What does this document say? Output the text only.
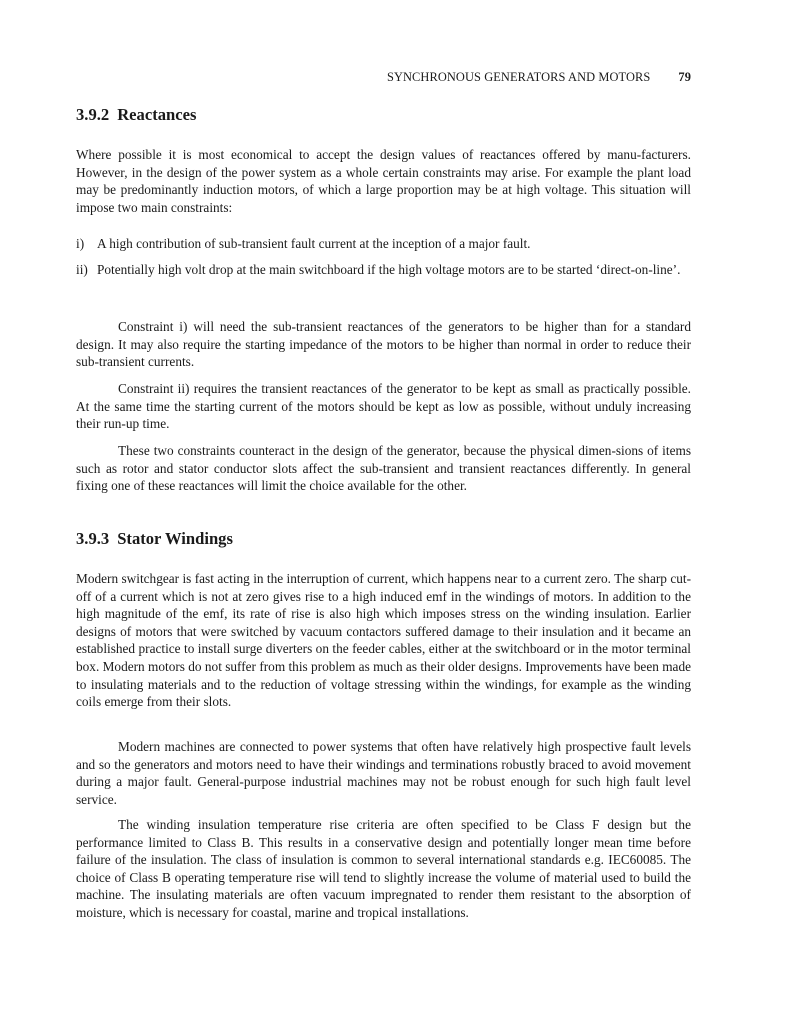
SYNCHRONOUS GENERATORS AND MOTORS 79
3.9.2 Reactances

Where possible it is most economical to accept the design values of reactances offered by manu-facturers. However, in the design of the power system as a whole certain constraints may arise. For example the plant load may be predominantly induction motors, of which a large proportion may be at high voltage. This situation will impose two main constraints:

i) A high contribution of sub-transient fault current at the inception of a major fault.
ii) Potentially high volt drop at the main switchboard if the high voltage motors are to be started ‘direct-on-line’.

Constraint i) will need the sub-transient reactances of the generators to be higher than for a standard design. It may also require the starting impedance of the motors to be higher than normal in order to reduce their sub-transient currents.

Constraint ii) requires the transient reactances of the generator to be kept as small as practically possible. At the same time the starting current of the motors should be kept as low as possible, without unduly increasing their run-up time.

These two constraints counteract in the design of the generator, because the physical dimen-sions of items such as rotor and stator conductor slots affect the sub-transient and transient reactances differently. In general fixing one of these reactances will limit the choice available for the other.

3.9.3 Stator Windings

Modern switchgear is fast acting in the interruption of current, which happens near to a current zero. The sharp cut-off of a current which is not at zero gives rise to a high induced emf in the windings of motors. In addition to the high magnitude of the emf, its rate of rise is also high which imposes stress on the winding insulation. Earlier designs of motors that were switched by vacuum contactors suffered damage to their insulation and it became an established practice to install surge diverters on the feeder cables, either at the switchboard or in the motor terminal box. Modern motors do not suffer from this problem as much as their older designs. Improvements have been made to insulating materials and to the reduction of voltage stressing within the windings, for example as the winding coils emerge from their slots.

Modern machines are connected to power systems that often have relatively high prospective fault levels and so the generators and motors need to have their windings and terminations robustly braced to avoid movement during a major fault. General-purpose industrial machines may not be robust enough for such high fault level service.

The winding insulation temperature rise criteria are often specified to be Class F design but the performance limited to Class B. This results in a conservative design and potentially longer mean time before failure of the insulation. The class of insulation is common to several international standards e.g. IEC60085. The choice of Class B operating temperature rise will tend to slightly increase the volume of material used to build the machine. The insulating materials are often vacuum impregnated to render them resistant to the absorption of moisture, which is necessary for coastal, marine and tropical installations.
